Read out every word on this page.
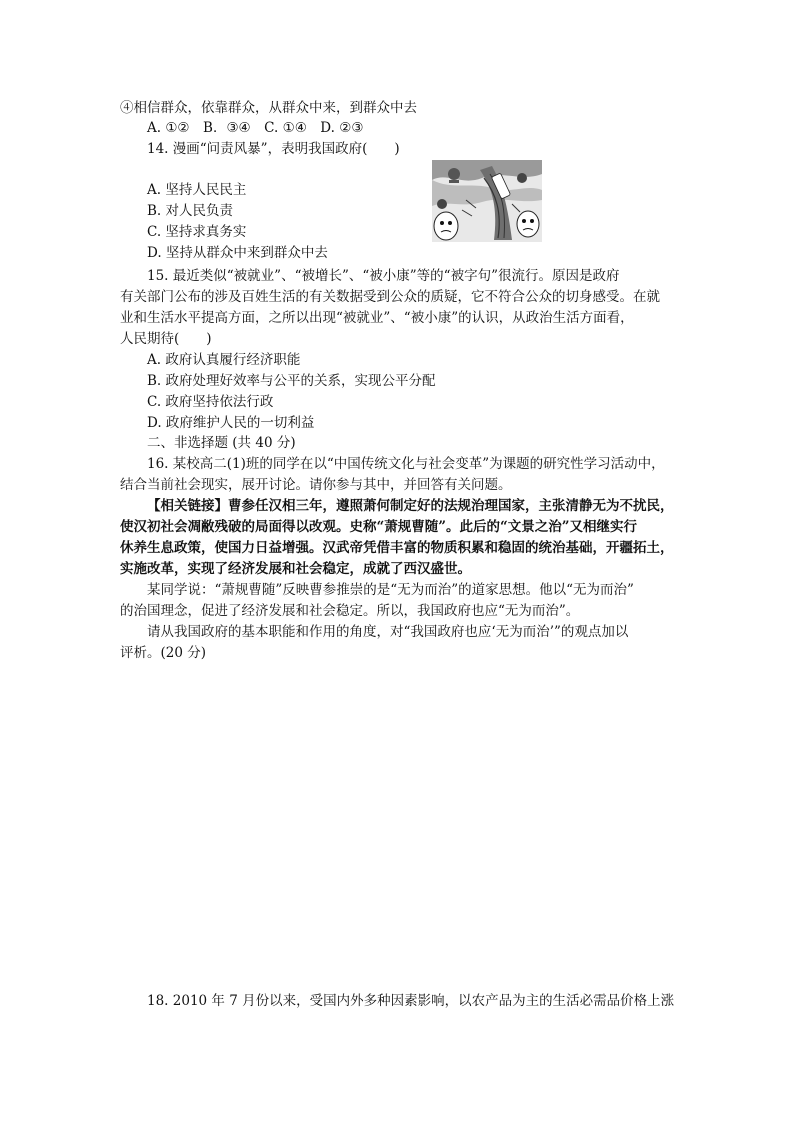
④相信群众，依靠群众，从群众中来，到群众中去

A. ①②　B．③④　C. ①④　D. ②③

14. 漫画“问责风暴”，表明我国政府(　　)

A. 坚持人民民主

B. 对人民负责

C. 坚持求真务实

D. 坚持从群众中来到群众中去

15. 最近类似“被就业”、“被增长”、“被小康”等的“被字句”很流行。原因是政府

有关部门公布的涉及百姓生活的有关数据受到公众的质疑，它不符合公众的切身感受。在就

业和生活水平提高方面，之所以出现“被就业”、“被小康”的认识，从政治生活方面看，

人民期待(　　)

A. 政府认真履行经济职能

B. 政府处理好效率与公平的关系，实现公平分配

C. 政府坚持依法行政

D. 政府维护人民的一切利益

二、非选择题 (共 40 分)

16. 某校高二(1)班的同学在以“中国传统文化与社会变革”为课题的研究性学习活动中，

结合当前社会现实，展开讨论。请你参与其中，并回答有关问题。

【相关链接】曹参任汉相三年，遵照萧何制定好的法规治理国家，主张清静无为不扰民，

使汉初社会凋敝残破的局面得以改观。史称“萧规曹随”。此后的“文景之治”又相继实行

休养生息政策，使国力日益增强。汉武帝凭借丰富的物质积累和稳固的统治基础，开疆拓土，

实施改革，实现了经济发展和社会稳定，成就了西汉盛世。

某同学说：“萧规曹随”反映曹参推崇的是“无为而治”的道家思想。他以“无为而治”

的治国理念，促进了经济发展和社会稳定。所以，我国政府也应“无为而治”。

请从我国政府的基本职能和作用的角度，对“我国政府也应‘无为而治’”的观点加以

评析。(20 分)

18. 2010 年 7 月份以来，受国内外多种因素影响，以农产品为主的生活必需品价格上涨
